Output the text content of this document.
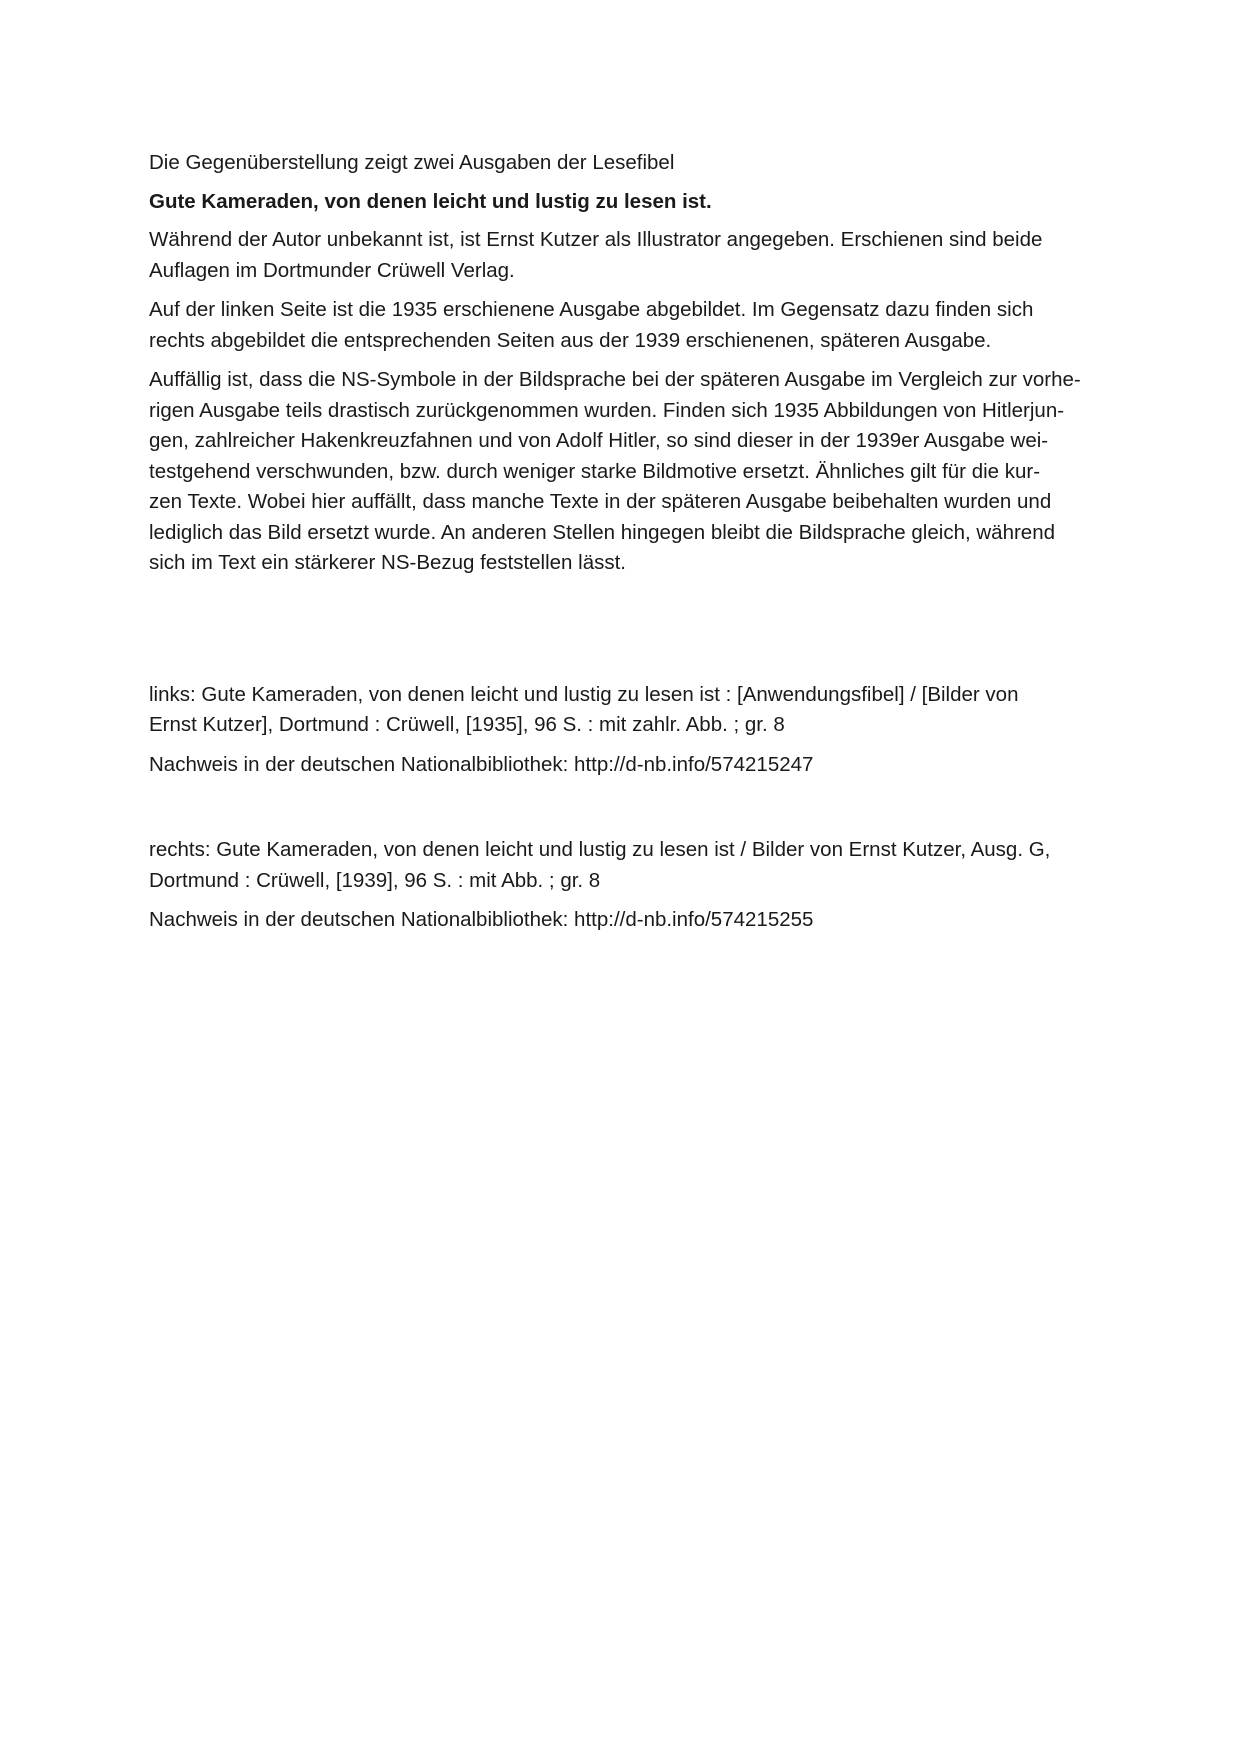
Die Gegenüberstellung zeigt zwei Ausgaben der Lesefibel

Gute Kameraden, von denen leicht und lustig zu lesen ist.

Während der Autor unbekannt ist, ist Ernst Kutzer als Illustrator angegeben. Erschienen sind beide
Auflagen im Dortmunder Crüwell Verlag.

Auf der linken Seite ist die 1935 erschienene Ausgabe abgebildet. Im Gegensatz dazu finden sich
rechts abgebildet die entsprechenden Seiten aus der 1939 erschienenen, späteren Ausgabe.

Auffällig ist, dass die NS-Symbole in der Bildsprache bei der späteren Ausgabe im Vergleich zur vorhe-
rigen Ausgabe teils drastisch zurückgenommen wurden. Finden sich 1935 Abbildungen von Hitlerjun-
gen, zahlreicher Hakenkreuzfahnen und von Adolf Hitler, so sind dieser in der 1939er Ausgabe wei-
testgehend verschwunden, bzw. durch weniger starke Bildmotive ersetzt. Ähnliches gilt für die kur-
zen Texte. Wobei hier auffällt, dass manche Texte in der späteren Ausgabe beibehalten wurden und
lediglich das Bild ersetzt wurde. An anderen Stellen hingegen bleibt die Bildsprache gleich, während
sich im Text ein stärkerer NS-Bezug feststellen lässt.

links: Gute Kameraden, von denen leicht und lustig zu lesen ist : [Anwendungsfibel] / [Bilder von
Ernst Kutzer], Dortmund : Crüwell, [1935], 96 S. : mit zahlr. Abb. ; gr. 8

Nachweis in der deutschen Nationalbibliothek: http://d-nb.info/574215247

rechts: Gute Kameraden, von denen leicht und lustig zu lesen ist / Bilder von Ernst Kutzer, Ausg. G,
Dortmund : Crüwell, [1939], 96 S. : mit Abb. ; gr. 8

Nachweis in der deutschen Nationalbibliothek: http://d-nb.info/574215255
